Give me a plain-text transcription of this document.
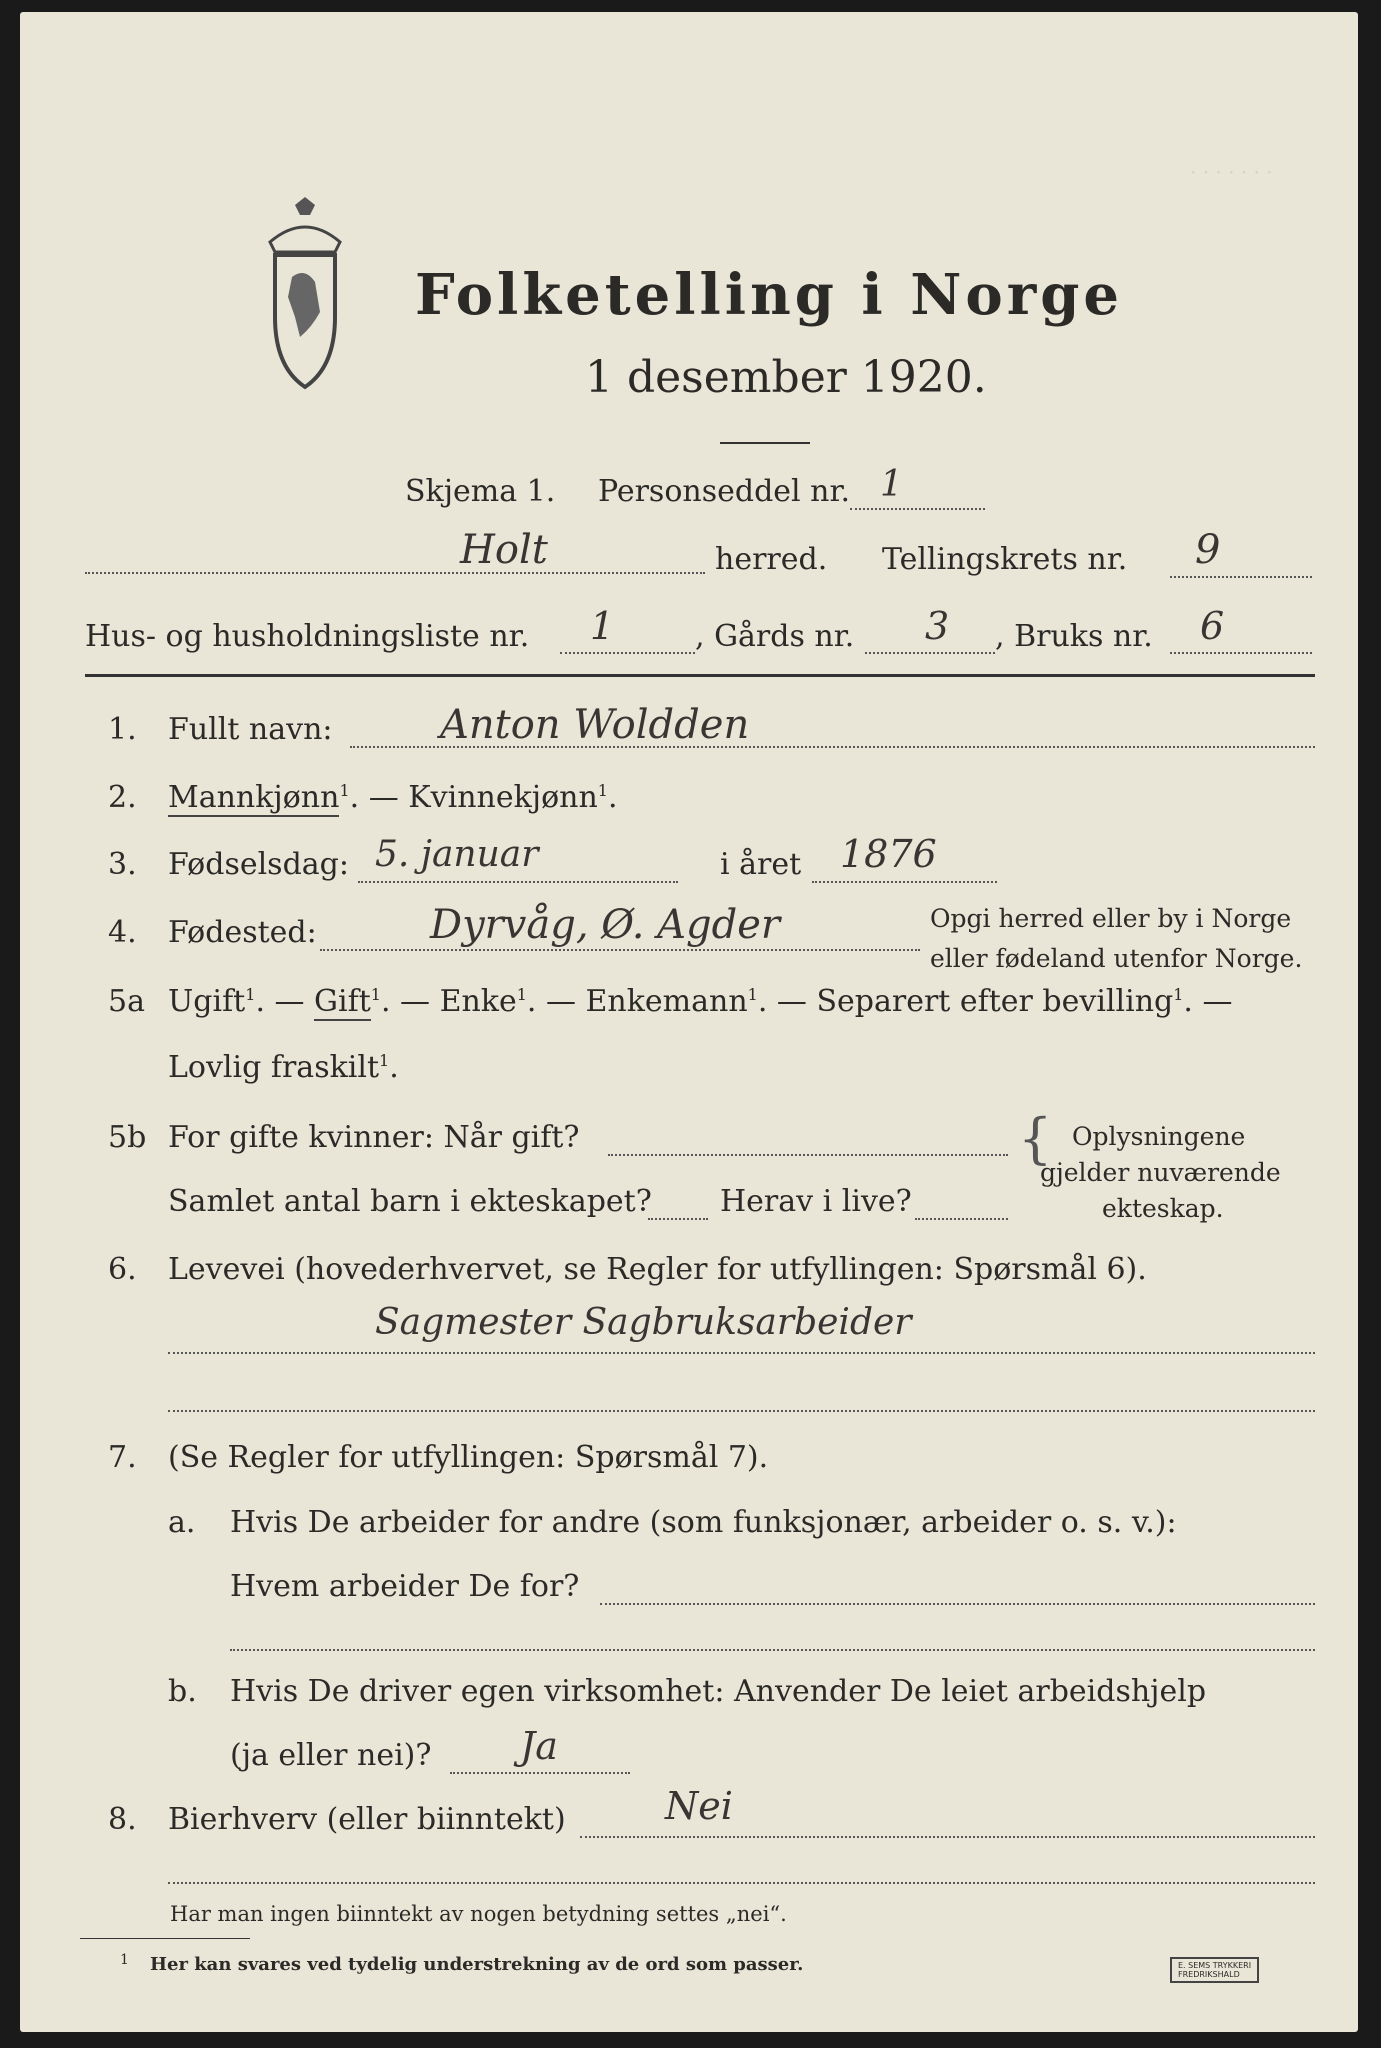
· · · · · · ·
Folketelling i Norge
1 desember 1920.
Skjema 1. Personseddel nr. 1
Holt	herred. Tellingskrets nr. 9
Hus- og husholdningsliste nr. 1	, Gårds nr. 3 , Bruks nr. 6
1. Fullt navn:	Anton Woldden
2. Mannkjønn$^1$. — Kvinnekjønn$^1$.
3. Fødselsdag: 5. januar	i året 1876
4. Fødested:	Dyrvåg, Ø. Agder	Opgi herred eller by i Norge
eller fødeland utenfor Norge.
5a Ugift$^1$. — Gift$^1$. — Enke$^1$. — Enkemann$^1$. — Separert efter bevilling$^1$. —
Lovlig fraskilt$^1$.
5b For gifte kvinner: Når gift?
Samlet antal barn i ekteskapet? Herav i live?
{ Oplysningene
gjelder nuværende
ekteskap.
6. Levevei (hovederhvervet, se Regler for utfyllingen: Spørsmål 6).
Sagmester Sagbruksarbeider
7. (Se Regler for utfyllingen: Spørsmål 7).
a. Hvis De arbeider for andre (som funksjonær, arbeider o. s. v.):
Hvem arbeider De for?
b. Hvis De driver egen virksomhet: Anvender De leiet arbeidshjelp
(ja eller nei)? Ja
8. Bierhverv (eller biinntekt)	Nei
Har man ingen biinntekt av nogen betydning settes „nei“.
1 Her kan svares ved tydelig understrekning av de ord som passer.	E. SEMS TRYKKERI
FREDRIKSHALD
